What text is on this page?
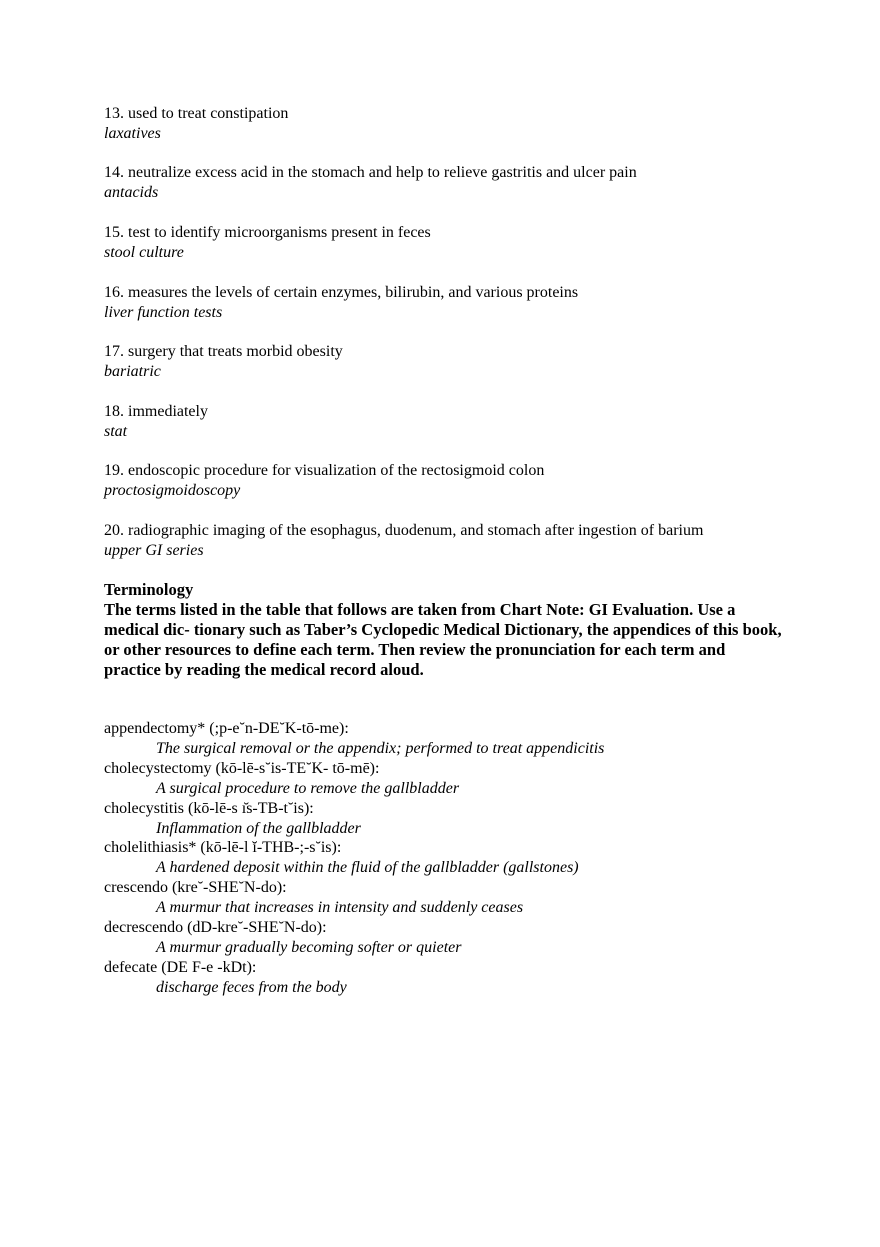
13. used to treat constipation
laxatives
14. neutralize excess acid in the stomach and help to relieve gastritis and ulcer pain
antacids
15. test to identify microorganisms present in feces
stool culture
16. measures the levels of certain enzymes, bilirubin, and various proteins
liver function tests
17. surgery that treats morbid obesity
bariatric
18. immediately
stat
19. endoscopic procedure for visualization of the rectosigmoid colon
proctosigmoidoscopy
20. radiographic imaging of the esophagus, duodenum, and stomach after ingestion of barium
upper GI series
Terminology
The terms listed in the table that follows are taken from Chart Note: GI Evaluation. Use a medical dic- tionary such as Taber’s Cyclopedic Medical Dictionary, the appendices of this book, or other resources to define each term. Then review the pronunciation for each term and practice by reading the medical record aloud.
appendectomy* (;p-e˘n-DE˘K-tō-me):
The surgical removal or the appendix; performed to treat appendicitis
cholecystectomy (kō-lē-s˘is-TE˘K- tō-mē):
A surgical procedure to remove the gallbladder
cholecystitis (kō-lē-s ı̆s-TB-t˘is):
Inflammation of the gallbladder
cholelithiasis* (kō-lē-l ĭ-THB-;-s˘is):
A hardened deposit within the fluid of the gallbladder (gallstones)
crescendo (kre˘-SHE˘N-do):
A murmur that increases in intensity and suddenly ceases
decrescendo (dD-kre˘-SHE˘N-do):
A murmur gradually becoming softer or quieter
defecate (DE F-e -kDt):
discharge feces from the body
